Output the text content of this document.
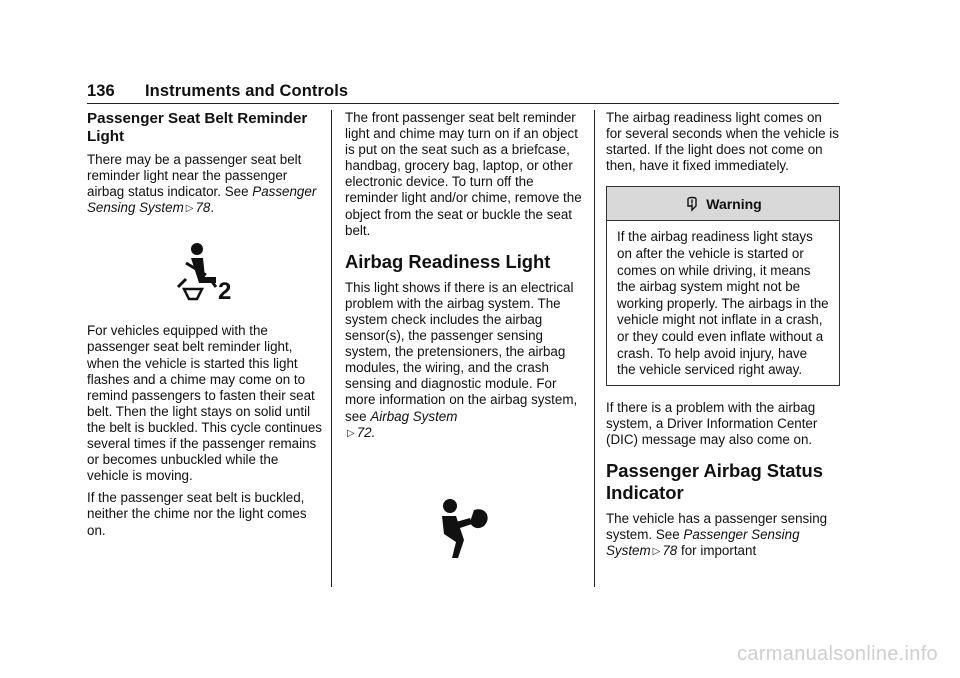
136 Instruments and Controls
Passenger Seat Belt Reminder Light

There may be a passenger seat belt reminder light near the passenger airbag status indicator. See Passenger Sensing System ▷ 78.

2

For vehicles equipped with the passenger seat belt reminder light, when the vehicle is started this light flashes and a chime may come on to remind passengers to fasten their seat belt. Then the light stays on solid until the belt is buckled. This cycle continues several times if the passenger remains or becomes unbuckled while the vehicle is moving.

If the passenger seat belt is buckled, neither the chime nor the light comes on.

The front passenger seat belt reminder light and chime may turn on if an object is put on the seat such as a briefcase, handbag, grocery bag, laptop, or other electronic device. To turn off the reminder light and/or chime, remove the object from the seat or buckle the seat belt.

Airbag Readiness Light

This light shows if there is an electrical problem with the airbag system. The system check includes the airbag sensor(s), the passenger sensing system, the pretensioners, the airbag modules, the wiring, and the crash sensing and diagnostic module. For more information on the airbag system, see Airbag System
▷ 72.

The airbag readiness light comes on for several seconds when the vehicle is started. If the light does not come on then, have it fixed immediately.

Warning

If the airbag readiness light stays on after the vehicle is started or comes on while driving, it means the airbag system might not be working properly. The airbags in the vehicle might not inflate in a crash, or they could even inflate without a crash. To help avoid injury, have the vehicle serviced right away.

If there is a problem with the airbag system, a Driver Information Center (DIC) message may also come on.

Passenger Airbag Status Indicator

The vehicle has a passenger sensing system. See Passenger Sensing System ▷ 78 for important

carmanualsonline.info
